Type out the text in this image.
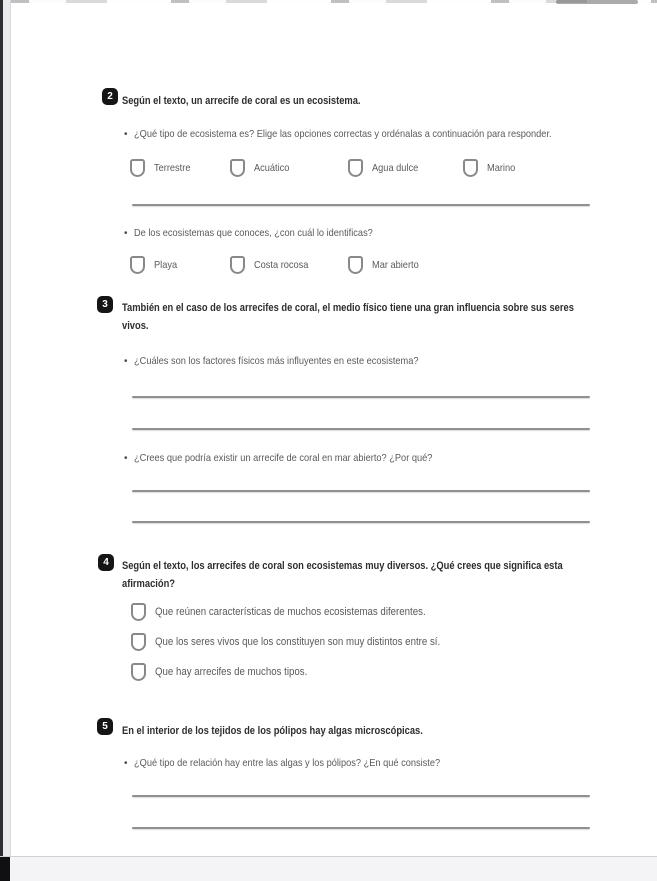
2 Según el texto, un arrecife de coral es un ecosistema.
• ¿Qué tipo de ecosistema es? Elige las opciones correctas y ordénalas a continuación para responder.
Terrestre	Acuático	Agua dulce	Marino
• De los ecosistemas que conoces, ¿con cuál lo identificas?
Playa	Costa rocosa	Mar abierto
3	También en el caso de los arrecifes de coral, el medio físico tiene una gran influencia sobre sus seres vivos.
• ¿Cuáles son los factores físicos más influyentes en este ecosistema?
• ¿Crees que podría existir un arrecife de coral en mar abierto? ¿Por qué?
4	Según el texto, los arrecifes de coral son ecosistemas muy diversos. ¿Qué crees que significa esta afirmación?
Que reúnen características de muchos ecosistemas diferentes.
Que los seres vivos que los constituyen son muy distintos entre sí.
Que hay arrecifes de muchos tipos.
5	En el interior de los tejidos de los pólipos hay algas microscópicas.
• ¿Qué tipo de relación hay entre las algas y los pólipos? ¿En qué consiste?
